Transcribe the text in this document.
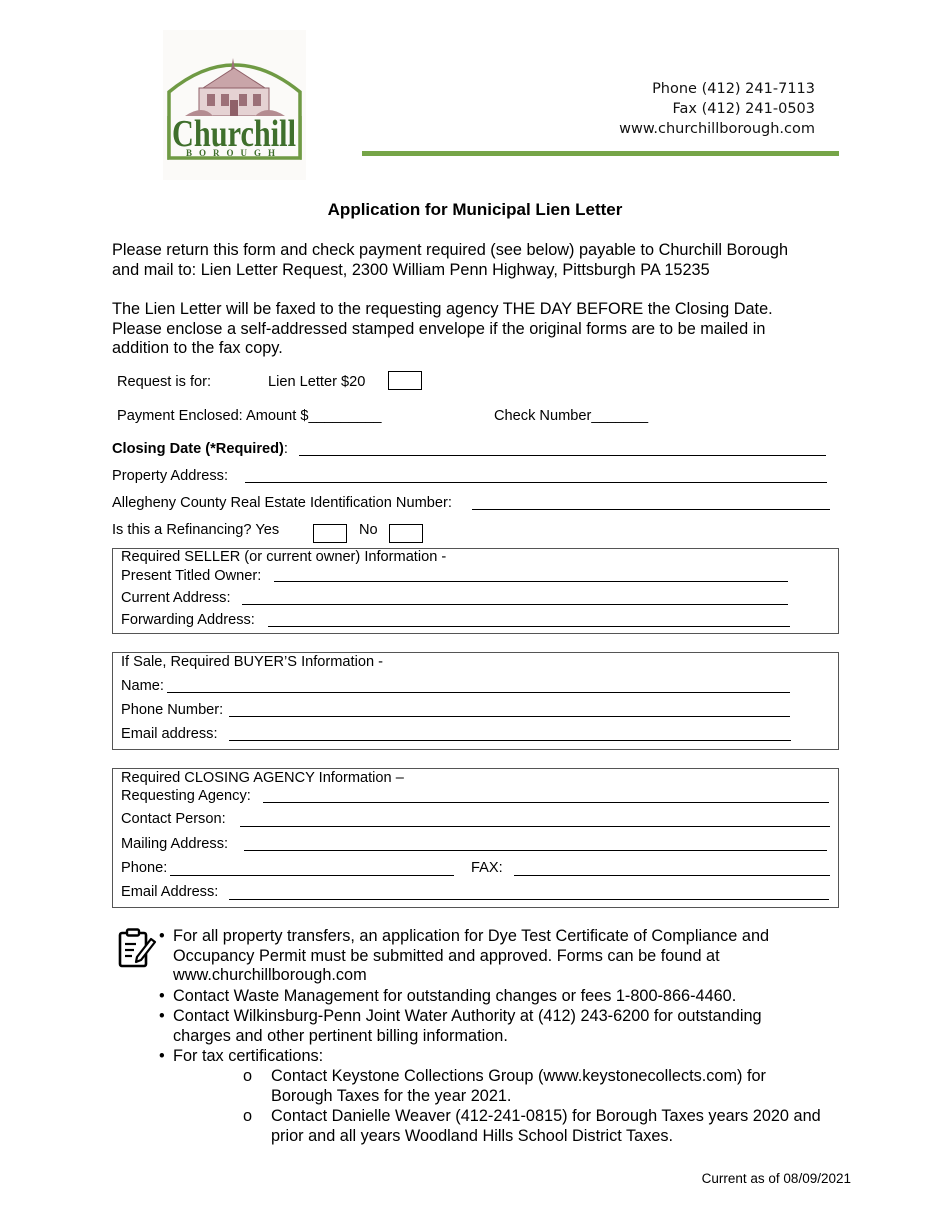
Churchill
BOROUGH
Phone (412) 241-7113
Fax (412) 241-0503
www.churchillborough.com
Application for Municipal Lien Letter
Please return this form and check payment required (see below) payable to Churchill Borough
and mail to: Lien Letter Request, 2300 William Penn Highway, Pittsburgh PA 15235
The Lien Letter will be faxed to the requesting agency THE DAY BEFORE the Closing Date.
Please enclose a self-addressed stamped envelope if the original forms are to be mailed in
addition to the fax copy.
Request is for:	Lien Letter $20
Payment Enclosed: Amount $_________	Check Number_______
Closing Date (*Required):
Property Address:
Allegheny County Real Estate Identification Number:
Is this a Refinancing? Yes	No
Required SELLER (or current owner) Information -
Present Titled Owner:
Current Address:
Forwarding Address:
If Sale, Required BUYER’S Information -
Name:
Phone Number:
Email address:
Required CLOSING AGENCY Information –
Requesting Agency:
Contact Person:
Mailing Address:
Phone:	FAX:
Email Address:
• For all property transfers, an application for Dye Test Certificate of Compliance and
Occupancy Permit must be submitted and approved. Forms can be found at
www.churchillborough.com
• Contact Waste Management for outstanding changes or fees 1-800-866-4460.
• Contact Wilkinsburg-Penn Joint Water Authority at (412) 243-6200 for outstanding
charges and other pertinent billing information.
• For tax certifications:
o Contact Keystone Collections Group (www.keystonecollects.com) for
Borough Taxes for the year 2021.
o Contact Danielle Weaver (412-241-0815) for Borough Taxes years 2020 and
prior and all years Woodland Hills School District Taxes.
Current as of 08/09/2021
